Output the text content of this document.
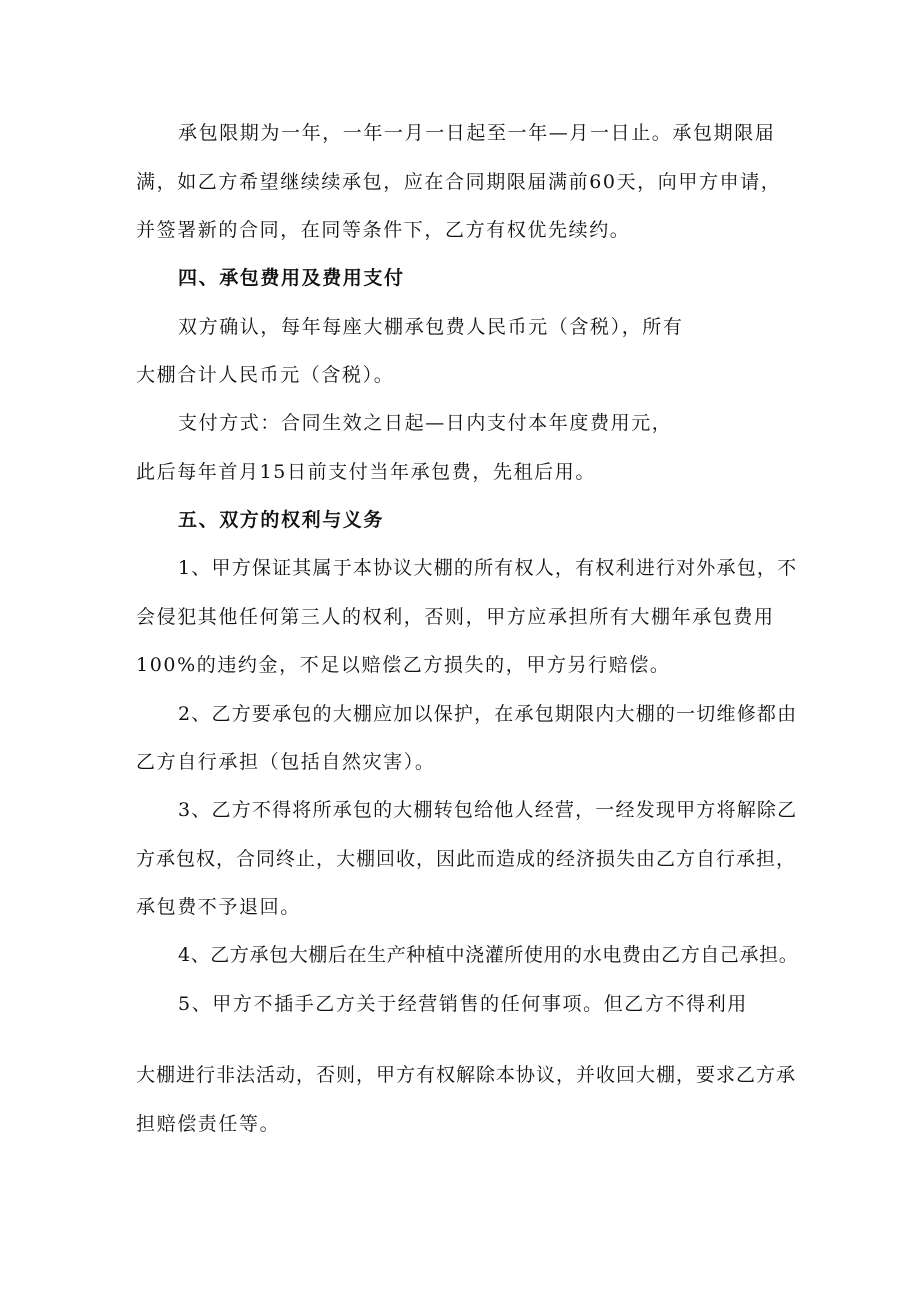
承包限期为一年，一年一月一日起至一年—月一日止。承包期限届
满，如乙方希望继续续承包，应在合同期限届满前60天，向甲方申请，
并签署新的合同，在同等条件下，乙方有权优先续约。
四、承包费用及费用支付
双方确认，每年每座大棚承包费人民币元（含税），所有
大棚合计人民币元（含税）。
支付方式：合同生效之日起—日内支付本年度费用元，
此后每年首月15日前支付当年承包费，先租后用。
五、双方的权利与义务
1、甲方保证其属于本协议大棚的所有权人，有权利进行对外承包，不
会侵犯其他任何第三人的权利，否则，甲方应承担所有大棚年承包费用
100%的违约金，不足以赔偿乙方损失的，甲方另行赔偿。
2、乙方要承包的大棚应加以保护，在承包期限内大棚的一切维修都由
乙方自行承担（包括自然灾害）。
3、乙方不得将所承包的大棚转包给他人经营，一经发现甲方将解除乙
方承包权，合同终止，大棚回收，因此而造成的经济损失由乙方自行承担，
承包费不予退回。
4、乙方承包大棚后在生产种植中浇灌所使用的水电费由乙方自己承担。
5、甲方不插手乙方关于经营销售的任何事项。但乙方不得利用
大棚进行非法活动，否则，甲方有权解除本协议，并收回大棚，要求乙方承
担赔偿责任等。
